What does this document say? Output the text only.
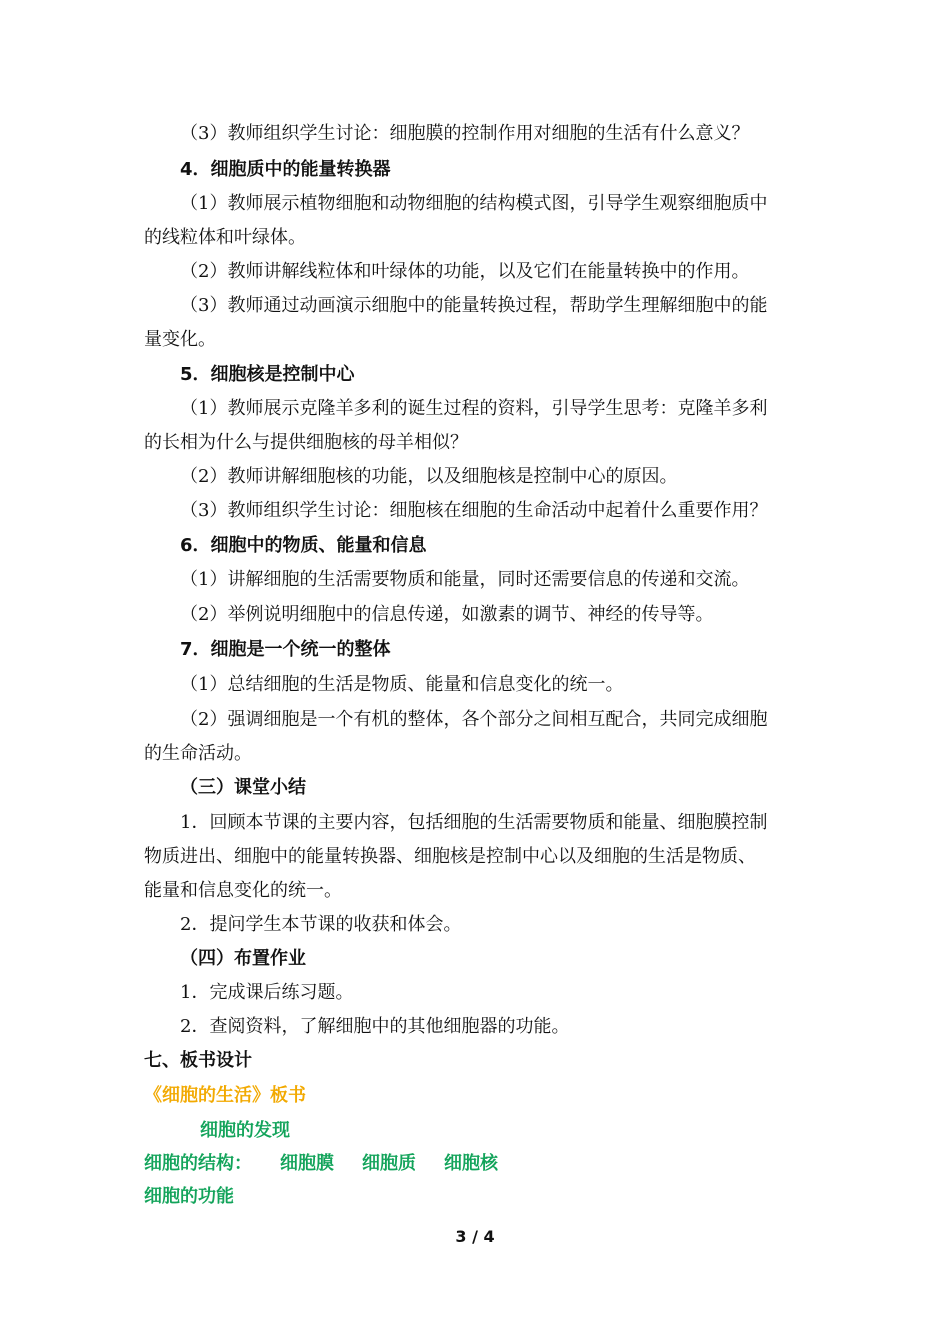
（3）教师组织学生讨论：细胞膜的控制作用对细胞的生活有什么意义？
4．细胞质中的能量转换器
（1）教师展示植物细胞和动物细胞的结构模式图，引导学生观察细胞质中
的线粒体和叶绿体。
（2）教师讲解线粒体和叶绿体的功能，以及它们在能量转换中的作用。
（3）教师通过动画演示细胞中的能量转换过程，帮助学生理解细胞中的能
量变化。
5．细胞核是控制中心
（1）教师展示克隆羊多利的诞生过程的资料，引导学生思考：克隆羊多利
的长相为什么与提供细胞核的母羊相似？
（2）教师讲解细胞核的功能，以及细胞核是控制中心的原因。
（3）教师组织学生讨论：细胞核在细胞的生命活动中起着什么重要作用？
6．细胞中的物质、能量和信息
（1）讲解细胞的生活需要物质和能量，同时还需要信息的传递和交流。
（2）举例说明细胞中的信息传递，如激素的调节、神经的传导等。
7．细胞是一个统一的整体
（1）总结细胞的生活是物质、能量和信息变化的统一。
（2）强调细胞是一个有机的整体，各个部分之间相互配合，共同完成细胞
的生命活动。
（三）课堂小结
1．回顾本节课的主要内容，包括细胞的生活需要物质和能量、细胞膜控制
物质进出、细胞中的能量转换器、细胞核是控制中心以及细胞的生活是物质、
能量和信息变化的统一。
2．提问学生本节课的收获和体会。
（四）布置作业
1．完成课后练习题。
2．查阅资料，了解细胞中的其他细胞器的功能。
七、板书设计
《细胞的生活》板书
细胞的发现
细胞的结构： 细胞膜 细胞质 细胞核
细胞的功能
3 / 4
